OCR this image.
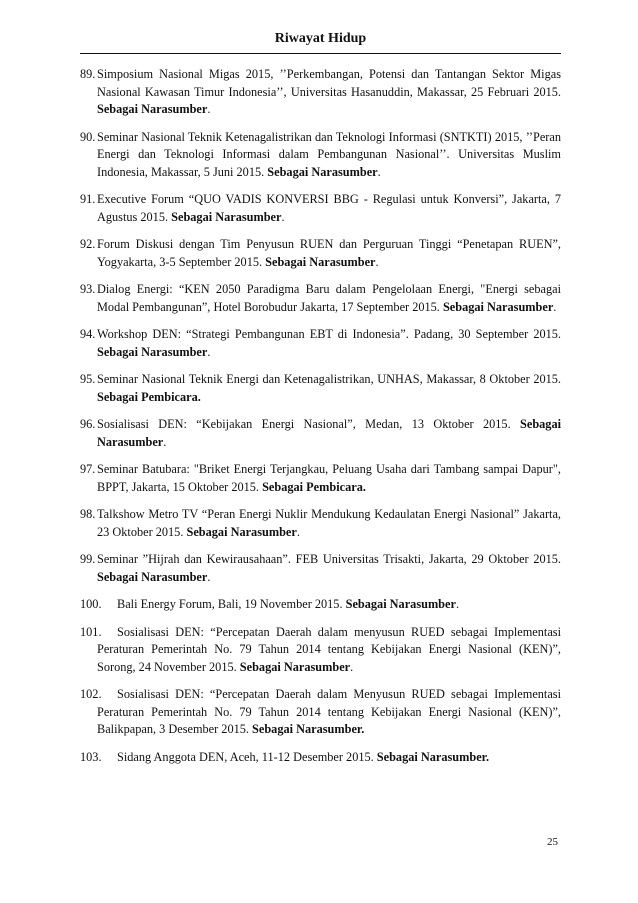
Riwayat Hidup
89. Simposium Nasional Migas 2015, ’’Perkembangan, Potensi dan Tantangan Sektor Migas Nasional Kawasan Timur Indonesia’’, Universitas Hasanuddin, Makassar, 25 Februari 2015. Sebagai Narasumber.
90. Seminar Nasional Teknik Ketenagalistrikan dan Teknologi Informasi (SNTKTI) 2015, ’’Peran Energi dan Teknologi Informasi dalam Pembangunan Nasional’’. Universitas Muslim Indonesia, Makassar, 5 Juni 2015. Sebagai Narasumber.
91. Executive Forum “QUO VADIS KONVERSI BBG - Regulasi untuk Konversi”, Jakarta, 7 Agustus 2015. Sebagai Narasumber.
92. Forum Diskusi dengan Tim Penyusun RUEN dan Perguruan Tinggi “Penetapan RUEN”, Yogyakarta, 3-5 September 2015. Sebagai Narasumber.
93. Dialog Energi: “KEN 2050 Paradigma Baru dalam Pengelolaan Energi, "Energi sebagai Modal Pembangunan”, Hotel Borobudur Jakarta, 17 September 2015. Sebagai Narasumber.
94. Workshop DEN: “Strategi Pembangunan EBT di Indonesia”. Padang, 30 September 2015. Sebagai Narasumber.
95. Seminar Nasional Teknik Energi dan Ketenagalistrikan, UNHAS, Makassar, 8 Oktober 2015. Sebagai Pembicara.
96. Sosialisasi DEN: “Kebijakan Energi Nasional”, Medan, 13 Oktober 2015. Sebagai Narasumber.
97. Seminar Batubara: "Briket Energi Terjangkau, Peluang Usaha dari Tambang sampai Dapur", BPPT, Jakarta, 15 Oktober 2015. Sebagai Pembicara.
98. Talkshow Metro TV “Peran Energi Nuklir Mendukung Kedaulatan Energi Nasional” Jakarta, 23 Oktober 2015. Sebagai Narasumber.
99. Seminar ”Hijrah dan Kewirausahaan”. FEB Universitas Trisakti, Jakarta, 29 Oktober 2015. Sebagai Narasumber.
100. Bali Energy Forum, Bali, 19 November 2015. Sebagai Narasumber.
101. Sosialisasi DEN: “Percepatan Daerah dalam menyusun RUED sebagai Implementasi Peraturan Pemerintah No. 79 Tahun 2014 tentang Kebijakan Energi Nasional (KEN)”, Sorong, 24 November 2015. Sebagai Narasumber.
102. Sosialisasi DEN: “Percepatan Daerah dalam Menyusun RUED sebagai Implementasi Peraturan Pemerintah No. 79 Tahun 2014 tentang Kebijakan Energi Nasional (KEN)”, Balikpapan, 3 Desember 2015. Sebagai Narasumber.
103. Sidang Anggota DEN, Aceh, 11-12 Desember 2015. Sebagai Narasumber.
25
